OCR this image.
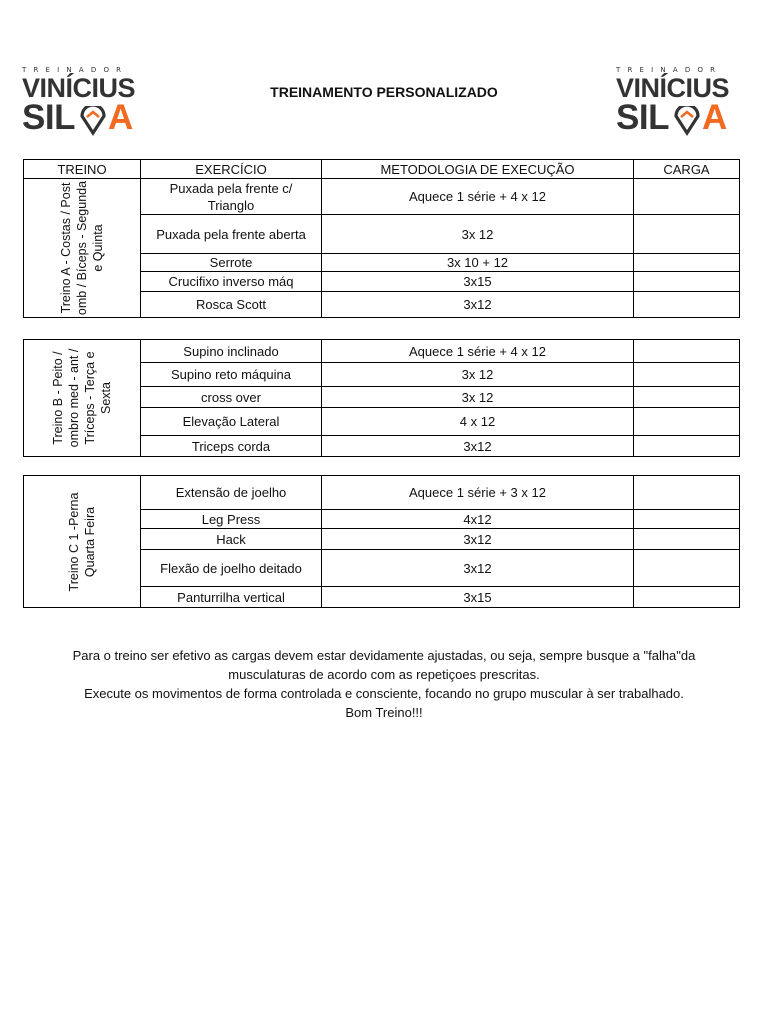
TREINADOR
VINÍCIUS
SIL A
TREINADOR
VINÍCIUS
SIL A
TREINAMENTO PERSONALIZADO
TREINO	EXERCÍCIO	METODOLOGIA DE EXECUÇÃO	CARGA

Treino A - Costas / Post omb / Bíceps - Segunda e Quinta	Puxada pela frente c/ Trianglo	Aquece 1 série + 4 x 12	
	Puxada pela frente aberta	3x 12	
	Serrote	3x 10 + 12	
	Crucifixo inverso máq	3x15	
	Rosca Scott	3x12	
Treino B - Peito / ombro med - ant / Tríceps - Terça e Sexta	Supino inclinado	Aquece 1 série + 4 x 12	
	Supino reto máquina	3x 12	
	cross over	3x 12	
	Elevação Lateral	4 x 12	
	Triceps corda	3x12	
Treino C 1 -Perna Quarta Feira	Extensão de joelho	Aquece 1 série + 3 x 12	
	Leg Press	4x12	
	Hack	3x12	
	Flexão de joelho deitado	3x12	
	Panturrilha vertical	3x15	
Para o treino ser efetivo as cargas devem estar devidamente ajustadas, ou seja, sempre busque a "falha"da
musculaturas de acordo com as repetiçoes prescritas.
Execute os movimentos de forma controlada e consciente, focando no grupo muscular à ser trabalhado.
Bom Treino!!!
